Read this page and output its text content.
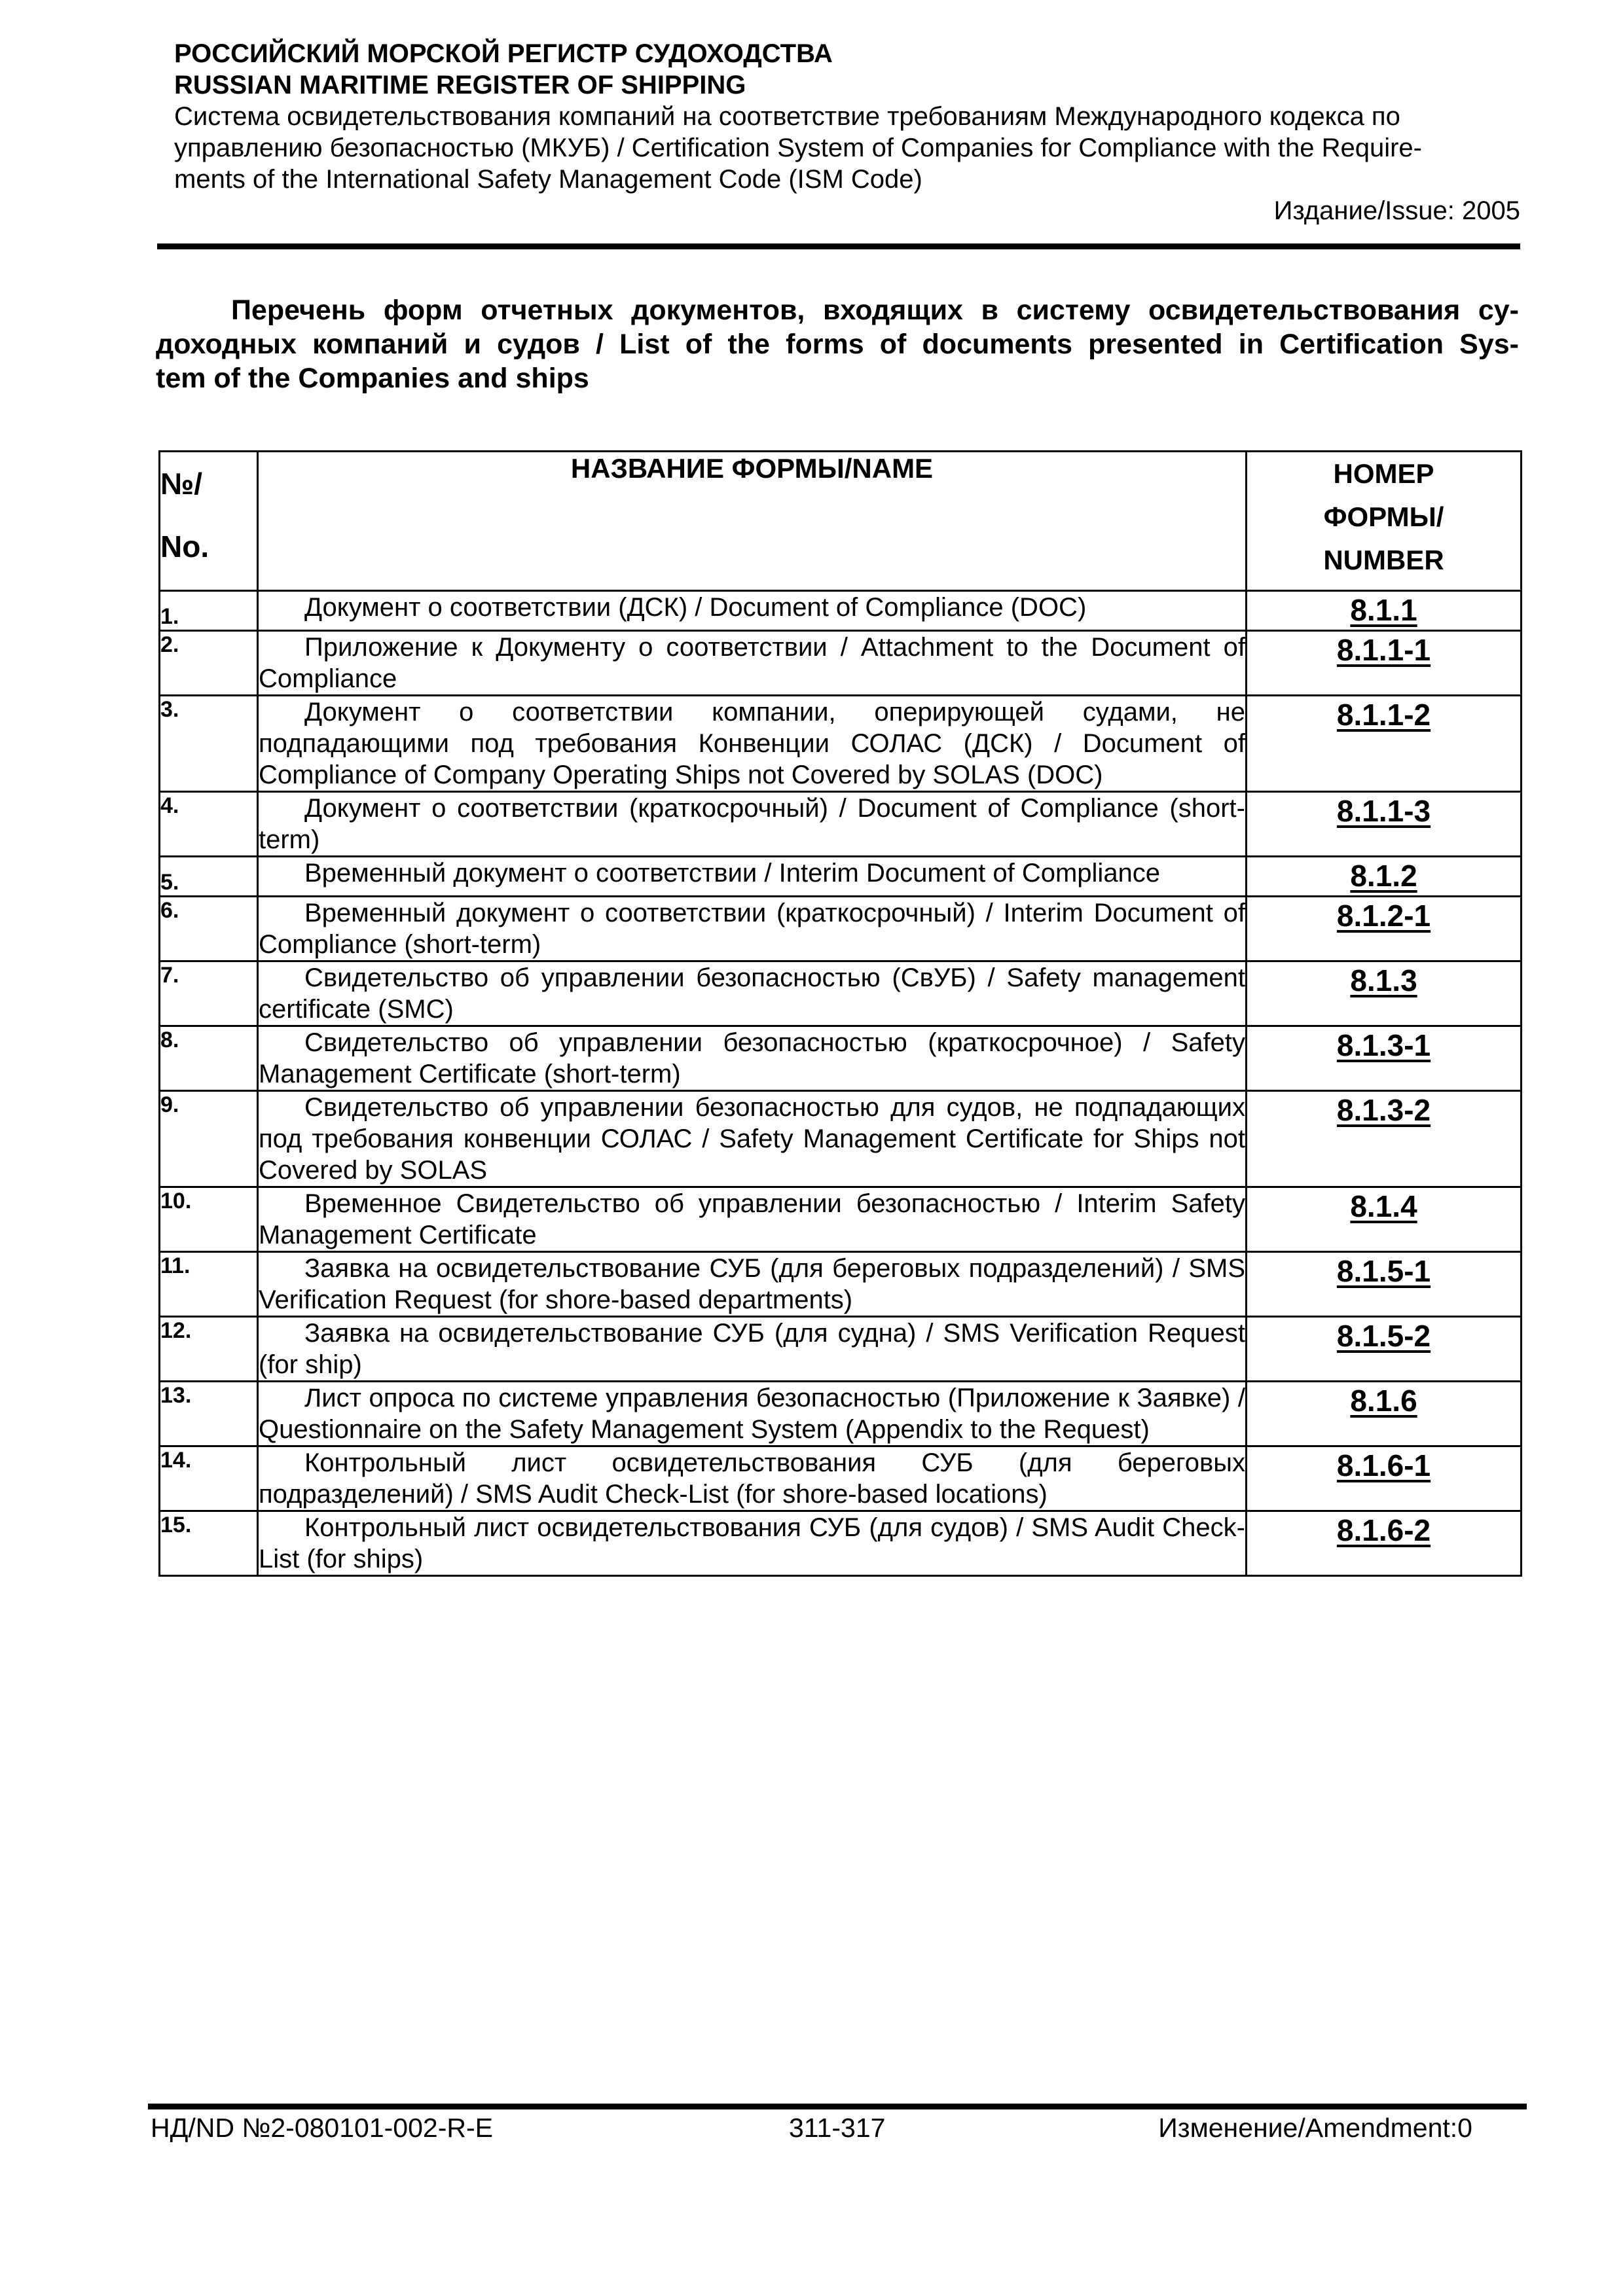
РОССИЙСКИЙ МОРСКОЙ РЕГИСТР СУДОХОДСТВА
RUSSIAN MARITIME REGISTER OF SHIPPING
Система освидетельствования компаний на соответствие требованиям Международного кодекса по
управлению безопасностью (МКУБ) / Certification System of Companies for Compliance with the Require-
ments of the International Safety Management Code (ISM Code)
Издание/Issue: 2005
Перечень форм отчетных документов, входящих в систему освидетельствования су-
доходных компаний и судов / List of the forms of documents presented in Certification Sys-
tem of the Companies and ships
№/
No.	НАЗВАНИЕ ФОРМЫ/NAME	НОМЕР
ФОРМЫ/
NUMBER
1.	Документ о соответствии (ДСК) / Document of Compliance (DOC)	8.1.1
2.	Приложение к Документу о соответствии / Attachment to the Document of Compliance	8.1.1-1
3.	Документ о соответствии компании, оперирующей судами, не подпадающими под требования Конвенции СОЛАС (ДСК) / Document of Compliance of Company Operating Ships not Covered by SOLAS (DOC)	8.1.1-2
4.	Документ о соответствии (краткосрочный) / Document of Compliance (short-term)	8.1.1-3
5.	Временный документ о соответствии / Interim Document of Compliance	8.1.2
6.	Временный документ о соответствии (краткосрочный) / Interim Document of Compliance (short-term)	8.1.2-1
7.	Свидетельство об управлении безопасностью (СвУБ) / Safety management certificate (SMC)	8.1.3
8.	Свидетельство об управлении безопасностью (краткосрочное) / Safety Management Certificate (short-term)	8.1.3-1
9.	Свидетельство об управлении безопасностью для судов, не подпадающих под требования конвенции СОЛАС / Safety Management Certificate for Ships not Covered by SOLAS	8.1.3-2
10.	Временное Свидетельство об управлении безопасностью / Interim Safety Management Certificate	8.1.4
11.	Заявка на освидетельствование СУБ (для береговых подразделений) / SMS Verification Request (for shore-based departments)	8.1.5-1
12.	Заявка на освидетельствование СУБ (для судна) / SMS Verification Request (for ship)	8.1.5-2
13.	Лист опроса по системе управления безопасностью (Приложение к Заявке) / Questionnaire on the Safety Management System (Appendix to the Request)	8.1.6
14.	Контрольный лист освидетельствования СУБ (для береговых подразделений) / SMS Audit Check-List (for shore-based locations)	8.1.6-1
15.	Контрольный лист освидетельствования СУБ (для судов) / SMS Audit Check-List (for ships)	8.1.6-2
НД/ND №2-080101-002-R-E	311-317	Изменение/Amendment:0
